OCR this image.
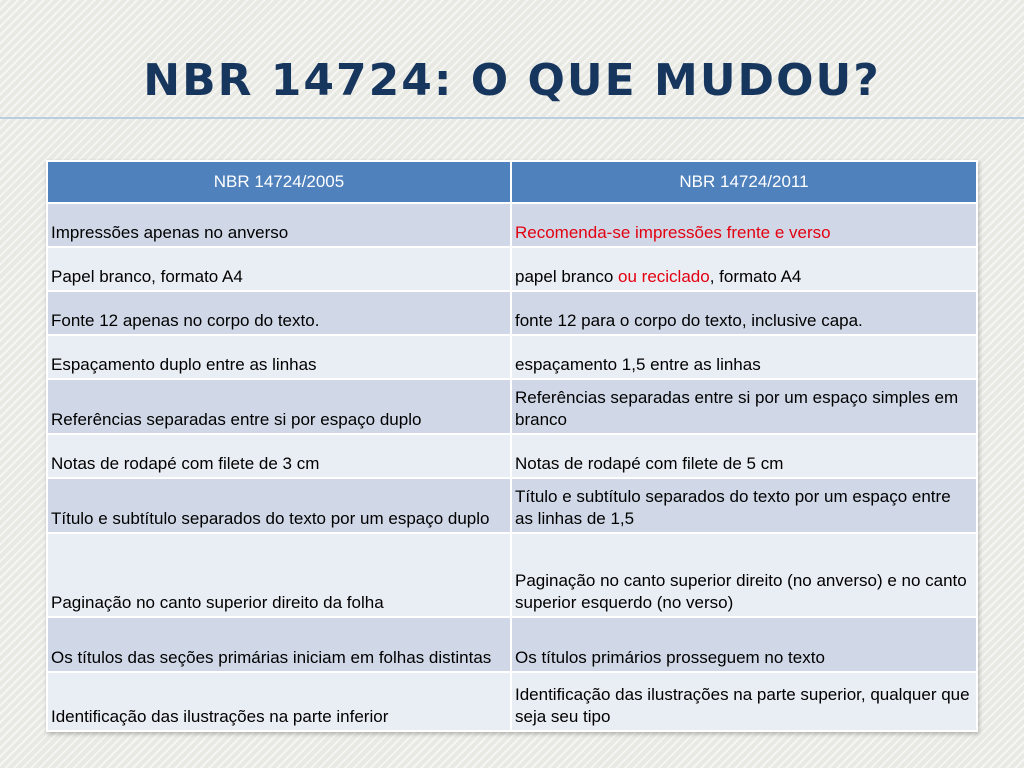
NBR 14724: O QUE MUDOU?
NBR 14724/2005	NBR 14724/2011
Impressões apenas no anverso	Recomenda-se impressões frente e verso
Papel branco, formato A4	papel branco ou reciclado, formato A4
Fonte 12 apenas no corpo do texto.	fonte 12 para o corpo do texto, inclusive capa.
Espaçamento duplo entre as linhas	espaçamento 1,5 entre as linhas
Referências separadas entre si por espaço duplo	Referências separadas entre si por um espaço simples em branco
Notas de rodapé com filete de 3 cm	Notas de rodapé com filete de 5 cm
Título e subtítulo separados do texto por um espaço duplo	Título e subtítulo separados do texto por um espaço entre as linhas de 1,5
Paginação no canto superior direito da folha	Paginação no canto superior direito (no anverso) e no canto superior esquerdo (no verso)
Os títulos das seções primárias iniciam em folhas distintas	Os títulos primários prosseguem no texto
Identificação das ilustrações na parte inferior	Identificação das ilustrações na parte superior, qualquer que seja seu tipo
